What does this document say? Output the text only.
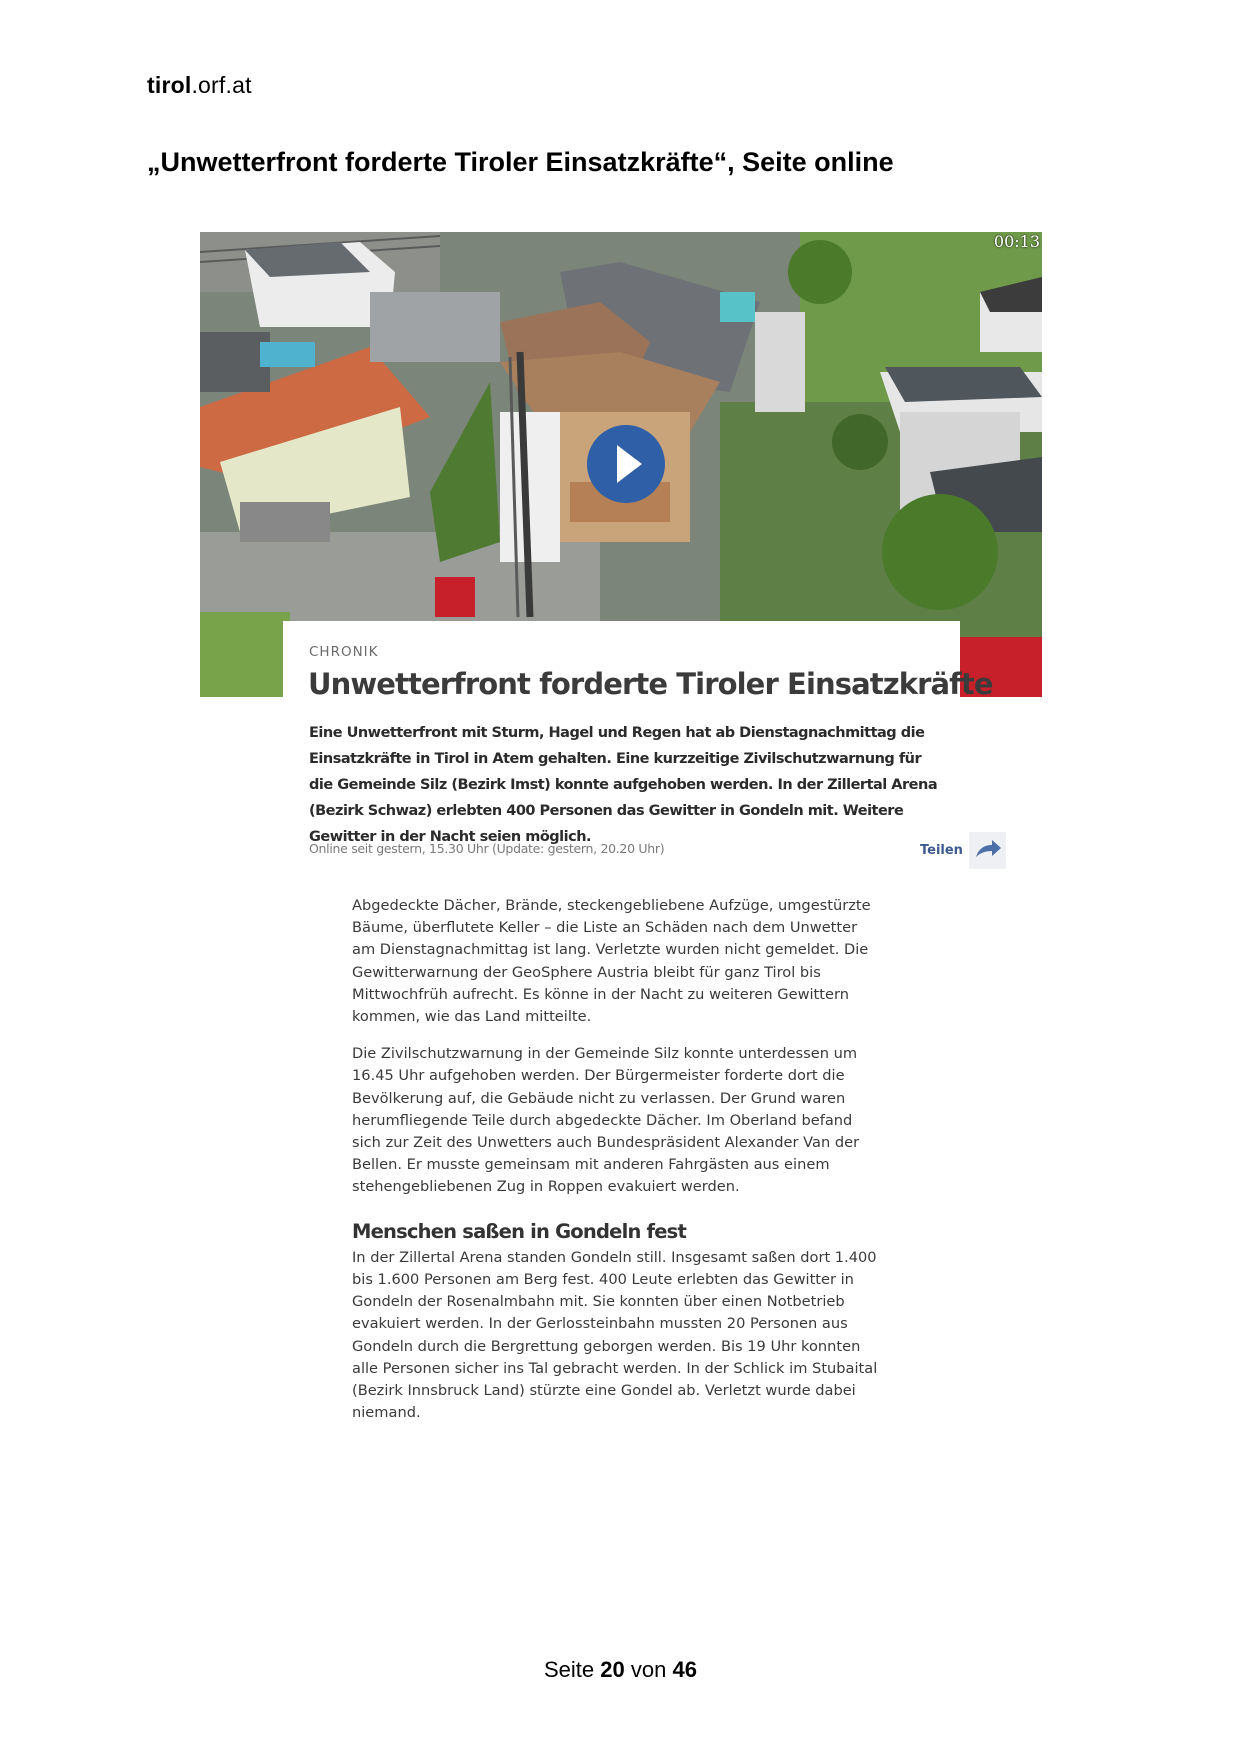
tirol.orf.at
„Unwetterfront forderte Tiroler Einsatzkräfte“, Seite online
00:13
CHRONIK
Unwetterfront forderte Tiroler Einsatzkräfte

Eine Unwetterfront mit Sturm, Hagel und Regen hat ab Dienstagnachmittag die Einsatzkräfte in Tirol in Atem gehalten. Eine kurzzeitige Zivilschutzwarnung für die Gemeinde Silz (Bezirk Imst) konnte aufgehoben werden. In der Zillertal Arena (Bezirk Schwaz) erlebten 400 Personen das Gewitter in Gondeln mit. Weitere Gewitter in der Nacht seien möglich.

Online seit gestern, 15.30 Uhr (Update: gestern, 20.20 Uhr)	Teilen

Abgedeckte Dächer, Brände, steckengebliebene Aufzüge, umgestürzte Bäume, überflutete Keller – die Liste an Schäden nach dem Unwetter am Dienstagnachmittag ist lang. Verletzte wurden nicht gemeldet. Die Gewitterwarnung der GeoSphere Austria bleibt für ganz Tirol bis Mittwochfrüh aufrecht. Es könne in der Nacht zu weiteren Gewittern kommen, wie das Land mitteilte.

Die Zivilschutzwarnung in der Gemeinde Silz konnte unterdessen um 16.45 Uhr aufgehoben werden. Der Bürgermeister forderte dort die Bevölkerung auf, die Gebäude nicht zu verlassen. Der Grund waren herumfliegende Teile durch abgedeckte Dächer. Im Oberland befand sich zur Zeit des Unwetters auch Bundespräsident Alexander Van der Bellen. Er musste gemeinsam mit anderen Fahrgästen aus einem stehengebliebenen Zug in Roppen evakuiert werden.

Menschen saßen in Gondeln fest

In der Zillertal Arena standen Gondeln still. Insgesamt saßen dort 1.400 bis 1.600 Personen am Berg fest. 400 Leute erlebten das Gewitter in Gondeln der Rosenalmbahn mit. Sie konnten über einen Notbetrieb evakuiert werden. In der Gerlossteinbahn mussten 20 Personen aus Gondeln durch die Bergrettung geborgen werden. Bis 19 Uhr konnten alle Personen sicher ins Tal gebracht werden. In der Schlick im Stubaital (Bezirk Innsbruck Land) stürzte eine Gondel ab. Verletzt wurde dabei niemand.

Seite 20 von 46
